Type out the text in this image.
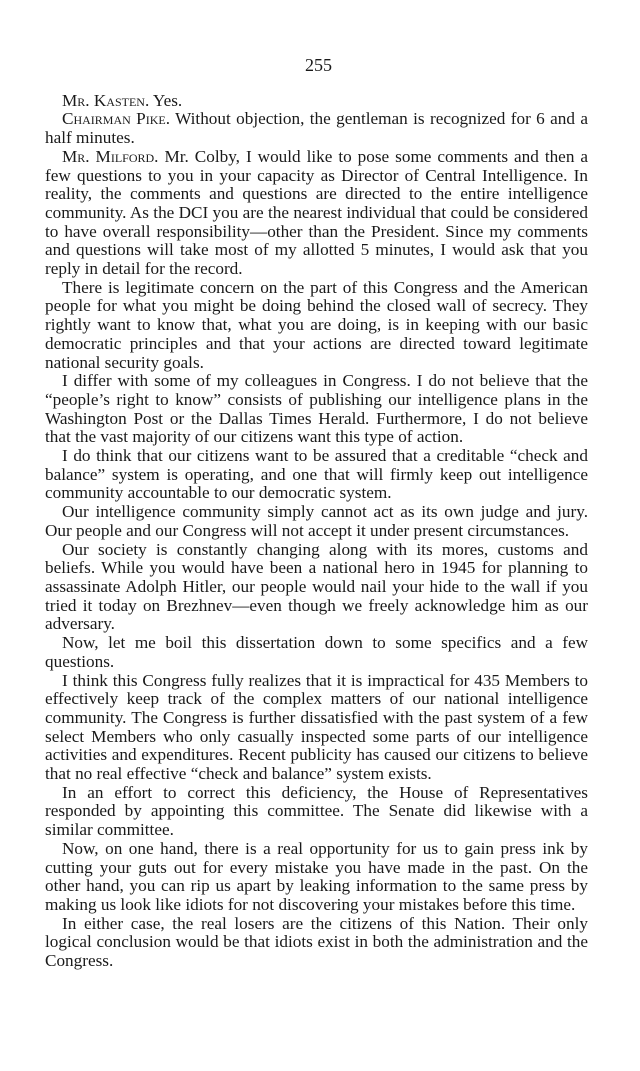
255

Mr. Kasten. Yes.

Chairman Pike. Without objection, the gentleman is recognized for 6 and a half minutes.

Mr. Milford. Mr. Colby, I would like to pose some comments and then a few questions to you in your capacity as Director of Central Intelligence. In reality, the comments and questions are directed to the entire intelligence community. As the DCI you are the nearest individual that could be considered to have overall responsibility—other than the President. Since my comments and questions will take most of my allotted 5 minutes, I would ask that you reply in detail for the record.

There is legitimate concern on the part of this Congress and the American people for what you might be doing behind the closed wall of secrecy. They rightly want to know that, what you are doing, is in keeping with our basic democratic principles and that your actions are directed toward legitimate national security goals.

I differ with some of my colleagues in Congress. I do not believe that the “people’s right to know” consists of publishing our intelligence plans in the Washington Post or the Dallas Times Herald. Furthermore, I do not believe that the vast majority of our citizens want this type of action.

I do think that our citizens want to be assured that a creditable “check and balance” system is operating, and one that will firmly keep out intelligence community accountable to our democratic system.

Our intelligence community simply cannot act as its own judge and jury. Our people and our Congress will not accept it under present circumstances.

Our society is constantly changing along with its mores, customs and beliefs. While you would have been a national hero in 1945 for planning to assassinate Adolph Hitler, our people would nail your hide to the wall if you tried it today on Brezhnev—even though we freely acknowledge him as our adversary.

Now, let me boil this dissertation down to some specifics and a few questions.

I think this Congress fully realizes that it is impractical for 435 Members to effectively keep track of the complex matters of our national intelligence community. The Congress is further dissatisfied with the past system of a few select Members who only casually inspected some parts of our intelligence activities and expenditures. Recent publicity has caused our citizens to believe that no real effective “check and balance” system exists.

In an effort to correct this deficiency, the House of Representatives responded by appointing this committee. The Senate did likewise with a similar committee.

Now, on one hand, there is a real opportunity for us to gain press ink by cutting your guts out for every mistake you have made in the past. On the other hand, you can rip us apart by leaking information to the same press by making us look like idiots for not discovering your mistakes before this time.

In either case, the real losers are the citizens of this Nation. Their only logical conclusion would be that idiots exist in both the administration and the Congress.
